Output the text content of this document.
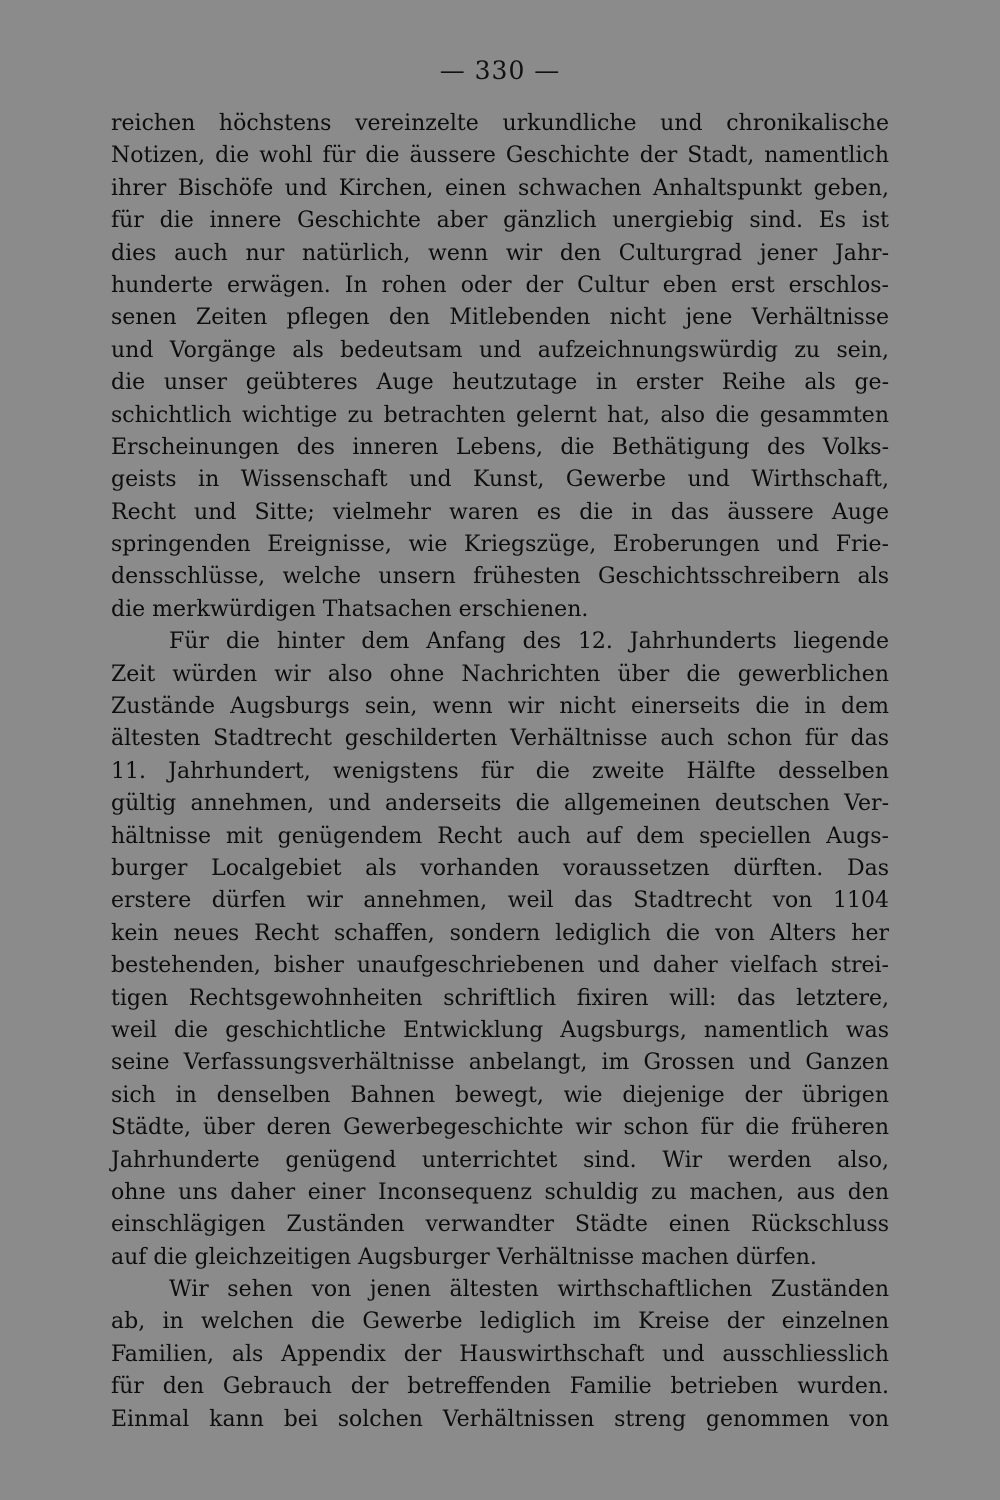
— 330 —
reichen höchstens vereinzelte urkundliche und chronikalische
Notizen, die wohl für die äussere Geschichte der Stadt, namentlich
ihrer Bischöfe und Kirchen, einen schwachen Anhaltspunkt geben,
für die innere Geschichte aber gänzlich unergiebig sind. Es ist
dies auch nur natürlich, wenn wir den Culturgrad jener Jahr-
hunderte erwägen. In rohen oder der Cultur eben erst erschlos-
senen Zeiten pflegen den Mitlebenden nicht jene Verhältnisse
und Vorgänge als bedeutsam und aufzeichnungswürdig zu sein,
die unser geübteres Auge heutzutage in erster Reihe als ge-
schichtlich wichtige zu betrachten gelernt hat, also die gesammten
Erscheinungen des inneren Lebens, die Bethätigung des Volks-
geists in Wissenschaft und Kunst, Gewerbe und Wirthschaft,
Recht und Sitte; vielmehr waren es die in das äussere Auge
springenden Ereignisse, wie Kriegszüge, Eroberungen und Frie-
densschlüsse, welche unsern frühesten Geschichtsschreibern als
die merkwürdigen Thatsachen erschienen.
Für die hinter dem Anfang des 12. Jahrhunderts liegende
Zeit würden wir also ohne Nachrichten über die gewerblichen
Zustände Augsburgs sein, wenn wir nicht einerseits die in dem
ältesten Stadtrecht geschilderten Verhältnisse auch schon für das
11. Jahrhundert, wenigstens für die zweite Hälfte desselben
gültig annehmen, und anderseits die allgemeinen deutschen Ver-
hältnisse mit genügendem Recht auch auf dem speciellen Augs-
burger Localgebiet als vorhanden voraussetzen dürften. Das
erstere dürfen wir annehmen, weil das Stadtrecht von 1104
kein neues Recht schaffen, sondern lediglich die von Alters her
bestehenden, bisher unaufgeschriebenen und daher vielfach strei-
tigen Rechtsgewohnheiten schriftlich fixiren will: das letztere,
weil die geschichtliche Entwicklung Augsburgs, namentlich was
seine Verfassungsverhältnisse anbelangt, im Grossen und Ganzen
sich in denselben Bahnen bewegt, wie diejenige der übrigen
Städte, über deren Gewerbegeschichte wir schon für die früheren
Jahrhunderte genügend unterrichtet sind. Wir werden also,
ohne uns daher einer Inconsequenz schuldig zu machen, aus den
einschlägigen Zuständen verwandter Städte einen Rückschluss
auf die gleichzeitigen Augsburger Verhältnisse machen dürfen.
Wir sehen von jenen ältesten wirthschaftlichen Zuständen
ab, in welchen die Gewerbe lediglich im Kreise der einzelnen
Familien, als Appendix der Hauswirthschaft und ausschliesslich
für den Gebrauch der betreffenden Familie betrieben wurden.
Einmal kann bei solchen Verhältnissen streng genommen von
